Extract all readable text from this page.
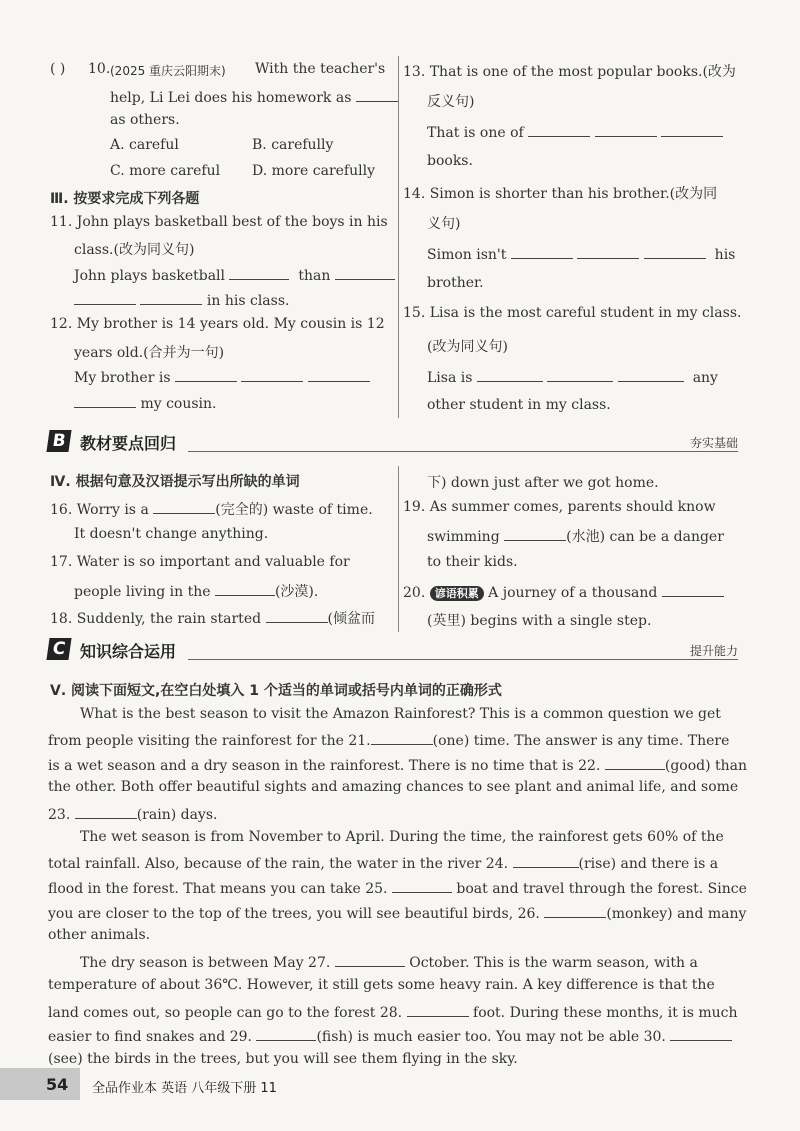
( ) 10. (2025 重庆云阳期末) With the teacher's
help, Li Lei does his homework as
as others.
A. careful	B. carefully
C. more careful D. more carefully
Ⅲ. 按要求完成下列各题
11. John plays basketball best of the boys in his
class.(改为同义句)
John plays basketball	than
in his class.
12. My brother is 14 years old. My cousin is 12
years old.(合并为一句)
My brother is
my cousin.
13. That is one of the most popular books.(改为
反义句)
That is one of
books.
14. Simon is shorter than his brother.(改为同
义句)
Simon isn't	his
brother.
15. Lisa is the most careful student in my class.
(改为同义句)
Lisa is	any
other student in my class.
B 教材要点回归	夯实基础
Ⅳ. 根据句意及汉语提示写出所缺的单词
16. Worry is a	(完全的) waste of time.
It doesn't change anything.
17. Water is so important and valuable for
people living in the	(沙漠).
18. Suddenly, the rain started	(倾盆而
下) down just after we got home.
19. As summer comes, parents should know
swimming	(水池) can be a danger
to their kids.
20. 谚语积累 A journey of a thousand
(英里) begins with a single step.
C 知识综合运用	提升能力
Ⅴ. 阅读下面短文,在空白处填入 1 个适当的单词或括号内单词的正确形式
What is the best season to visit the Amazon Rainforest? This is a common question we get
from people visiting the rainforest for the 21.	(one) time. The answer is any time. There
is a wet season and a dry season in the rainforest. There is no time that is 22.	(good) than
the other. Both offer beautiful sights and amazing chances to see plant and animal life, and some
23.	(rain) days.
The wet season is from November to April. During the time, the rainforest gets 60% of the
total rainfall. Also, because of the rain, the water in the river 24.	(rise) and there is a
flood in the forest. That means you can take 25.	boat and travel through the forest. Since
you are closer to the top of the trees, you will see beautiful birds, 26.	(monkey) and many
other animals.
The dry season is between May 27.	October. This is the warm season, with a
temperature of about 36℃. However, it still gets some heavy rain. A key difference is that the
land comes out, so people can go to the forest 28.	foot. During these months, it is much
easier to find snakes and 29.	(fish) is much easier too. You may not be able 30.
(see) the birds in the trees, but you will see them flying in the sky.
54 全品作业本 英语 八年级下册 11
